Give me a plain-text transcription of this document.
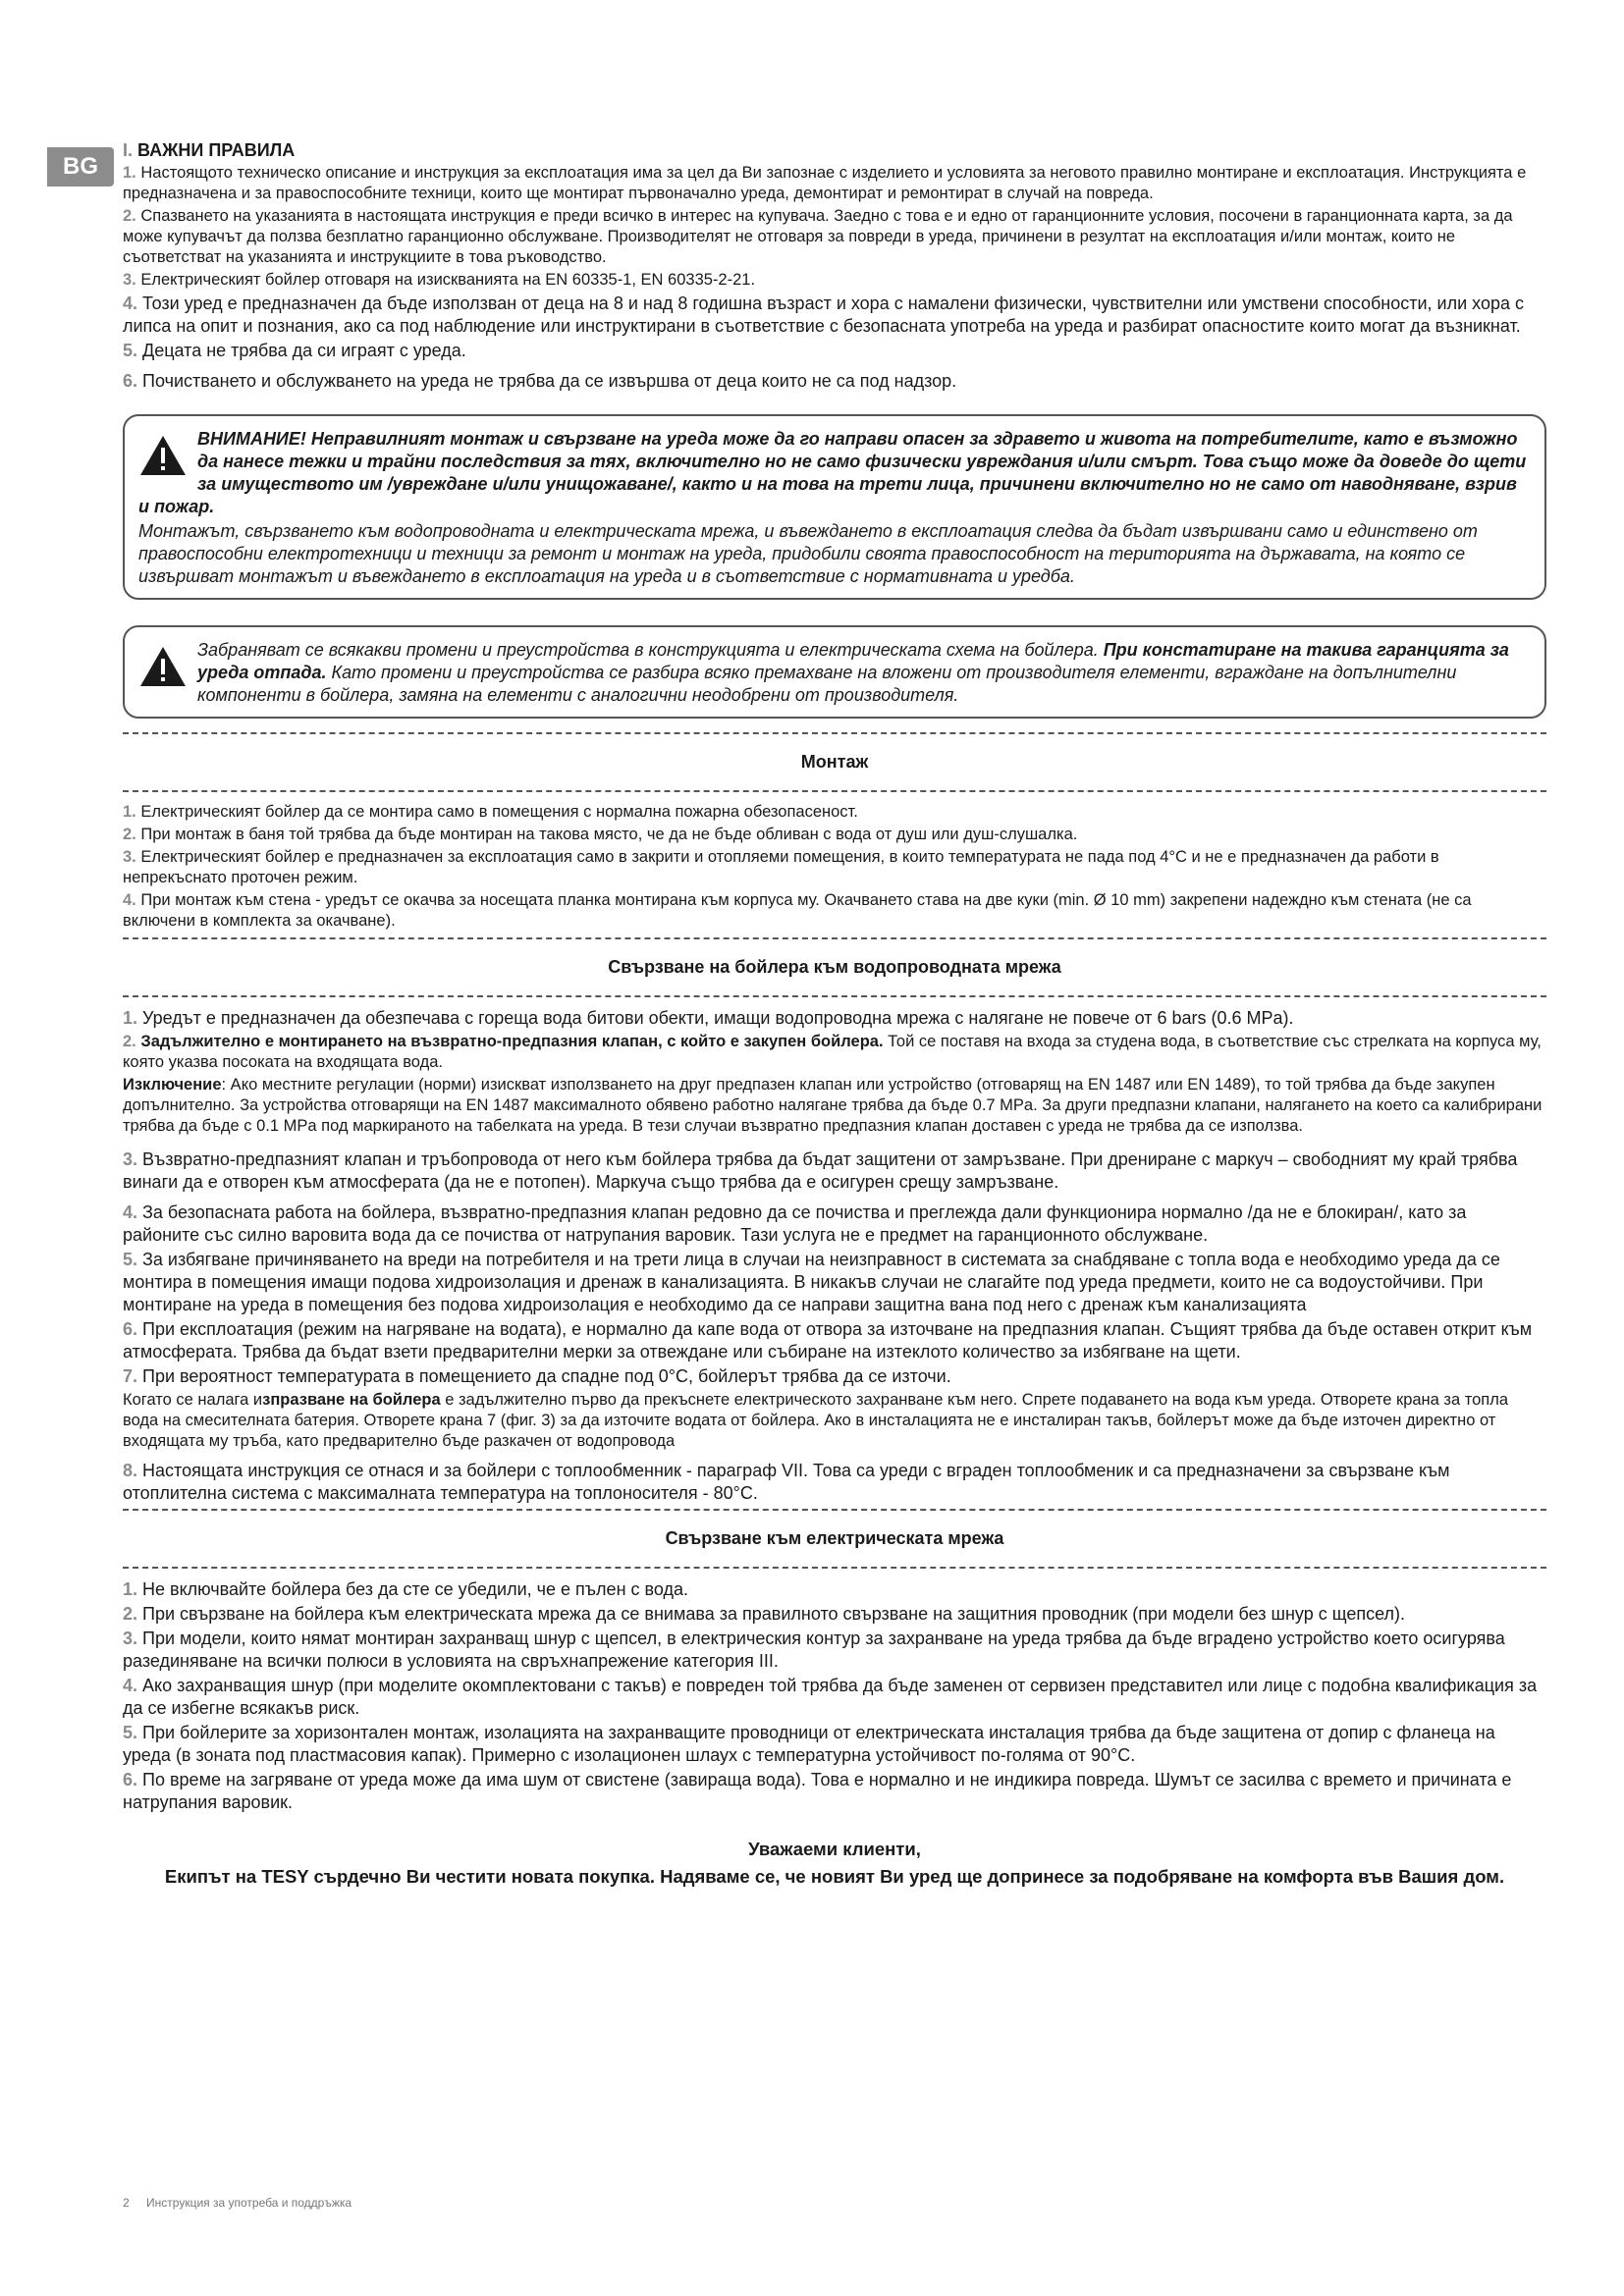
BG
I. ВАЖНИ ПРАВИЛА

1. Настоящото техническо описание и инструкция за експлоатация има за цел да Ви запознае с изделието и условията за неговото правилно монтиране и експлоатация. Инструкцията е предназначена и за правоспособните техници, които ще монтират първоначално уреда, демонтират и ремонтират в случай на повреда.

2. Спазването на указанията в настоящата инструкция е преди всичко в интерес на купувача. Заедно с това е и едно от гаранционните условия, посочени в гаранционната карта, за да може купувачът да ползва безплатно гаранционно обслужване. Производителят не отговаря за повреди в уреда, причинени в резултат на експлоатация и/или монтаж, които не съответстват на указанията и инструкциите в това ръководство.

3. Електрическият бойлер отговаря на изискванията на EN 60335-1, EN 60335-2-21.

4. Този уред е предназначен да бъде използван от деца на 8 и над 8 годишна възраст и хора с намалени физически, чувствителни или умствени способности, или хора с липса на опит и познания, ако са под наблюдение или инструктирани в съответствие с безопасната употреба на уреда и разбират опасностите които могат да възникнат.

5. Децата не трябва да си играят с уреда.

6. Почистването и обслужването на уреда не трябва да се извършва от деца които не са под надзор.

ВНИМАНИЕ! Неправилният монтаж и свързване на уреда може да го направи опасен за здравето и живота на потребителите, като е възможно да нанесе тежки и трайни последствия за тях, включително но не само физически увреждания и/или смърт. Това също може да доведе до щети за имуществото им /увреждане и/или унищожаване/, както и на това на трети лица, причинени включително но не само от наводняване, взрив и пожар.

Монтажът, свързването към водопроводната и електрическата мрежа, и въвеждането в експлоатация следва да бъдат извършвани само и единствено от правоспособни електротехници и техници за ремонт и монтаж на уреда, придобили своята правоспособност на територията на държавата, на която се извършват монтажът и въвеждането в експлоатация на уреда и в съответствие с нормативната и уредба.

Забраняват се всякакви промени и преустройства в конструкцията и електрическата схема на бойлера. При констатиране на такива гаранцията за уреда отпада. Като промени и преустройства се разбира всяко премахване на вложени от производителя елементи, вграждане на допълнителни компоненти в бойлера, замяна на елементи с аналогични неодобрени от производителя.

Монтаж

1. Електрическият бойлер да се монтира само в помещения с нормална пожарна обезопасеност.

2. При монтаж в баня той трябва да бъде монтиран на такова място, че да не бъде обливан с вода от душ или душ-слушалка.

3. Електрическият бойлер е предназначен за експлоатация само в закрити и отопляеми помещения, в които температурата не пада под 4°C и не е предназначен да работи в непрекъснато проточен режим.

4. При монтаж към стена - уредът се окачва за носещата планка монтирана към корпуса му. Окачването става на две куки (min. Ø 10 mm) закрепени надеждно към стената (не са включени в комплекта за окачване).

Свързване на бойлера към водопроводната мрежа

1. Уредът е предназначен да обезпечава с гореща вода битови обекти, имащи водопроводна мрежа с налягане не повече от 6 bars (0.6 MPa).

2. Задължително е монтирането на възвратно-предпазния клапан, с който е закупен бойлера. Той се поставя на входа за студена вода, в съответствие със стрелката на корпуса му, която указва посоката на входящата вода.

Изключение: Ако местните регулации (норми) изискват използването на друг предпазен клапан или устройство (отговарящ на EN 1487 или EN 1489), то той трябва да бъде закупен допълнително. За устройства отговарящи на EN 1487 максималното обявено работно налягане трябва да бъде 0.7 MPa. За други предпазни клапани, налягането на което са калибрирани трябва да бъде с 0.1 MPa под маркираното на табелката на уреда. В тези случаи възвратно предпазния клапан доставен с уреда не трябва да се използва.

3. Възвратно-предпазният клапан и тръбопровода от него към бойлера трябва да бъдат защитени от замръзване. При дрениране с маркуч – свободният му край трябва винаги да е отворен към атмосферата (да не е потопен). Маркуча също трябва да е осигурен срещу замръзване.

4. За безопасната работа на бойлера, възвратно-предпазния клапан редовно да се почиства и преглежда дали функционира нормално /да не е блокиран/, като за районите със силно варовита вода да се почиства от натрупания варовик. Тази услуга не е предмет на гаранционното обслужване.

5. За избягване причиняването на вреди на потребителя и на трети лица в случаи на неизправност в системата за снабдяване с топла вода е необходимо уреда да се монтира в помещения имащи подова хидроизолация и дренаж в канализацията. В никакъв случаи не слагайте под уреда предмети, които не са водоустойчиви. При монтиране на уреда в помещения без подова хидроизолация е необходимо да се направи защитна вана под него с дренаж към канализацията

6. При експлоатация (режим на нагряване на водата), е нормално да капе вода от отвора за източване на предпазния клапан. Същият трябва да бъде оставен открит към атмосферата. Трябва да бъдат взети предварителни мерки за отвеждане или събиране на изтеклото количество за избягване на щети.

7. При вероятност температурата в помещението да спадне под 0°C, бойлерът трябва да се източи.

Когато се налага изпразване на бойлера е задължително първо да прекъснете електрическото захранване към него. Спрете подаването на вода към уреда. Отворете крана за топла вода на смесителната батерия. Отворете крана 7 (фиг. 3) за да източите водата от бойлера. Ако в инсталацията не е инсталиран такъв, бойлерът може да бъде източен директно от входящата му тръба, като предварително бъде разкачен от водопровода

8. Настоящата инструкция се отнася и за бойлери с топлообменник - параграф VII. Това са уреди с вграден топлообменик и са предназначени за свързване към отоплителна система с максималната температура на топлоносителя - 80°C.

Свързване към електрическата мрежа

1. Не включвайте бойлера без да сте се убедили, че е пълен с вода.

2. При свързване на бойлера към електрическата мрежа да се внимава за правилното свързване на защитния проводник (при модели без шнур с щепсел).

3. При модели, които нямат монтиран захранващ шнур с щепсел, в електрическия контур за захранване на уреда трябва да бъде вградено устройство което осигурява разединяване на всички полюси в условията на свръхнапрежение категория III.

4. Ако захранващия шнур (при моделите окомплектовани с такъв) е повреден той трябва да бъде заменен от сервизен представител или лице с подобна квалификация за да се избегне всякакъв риск.

5. При бойлерите за хоризонтален монтаж, изолацията на захранващите проводници от електрическата инсталация трябва да бъде защитена от допир с фланеца на уреда (в зоната под пластмасовия капак). Примерно с изолационен шлаух с температурна устойчивост по-голяма от 90°C.

6. По време на загряване от уреда може да има шум от свистене (завираща вода). Това е нормално и не индикира повреда. Шумът се засилва с времето и причината е натрупания варовик.

Уважаеми клиенти,
Екипът на TESY сърдечно Ви честити новата покупка. Надяваме се, че новият Ви уред ще допринесе за подобряване на комфорта във Вашия дом.
2 Инструкция за употреба и поддръжка
